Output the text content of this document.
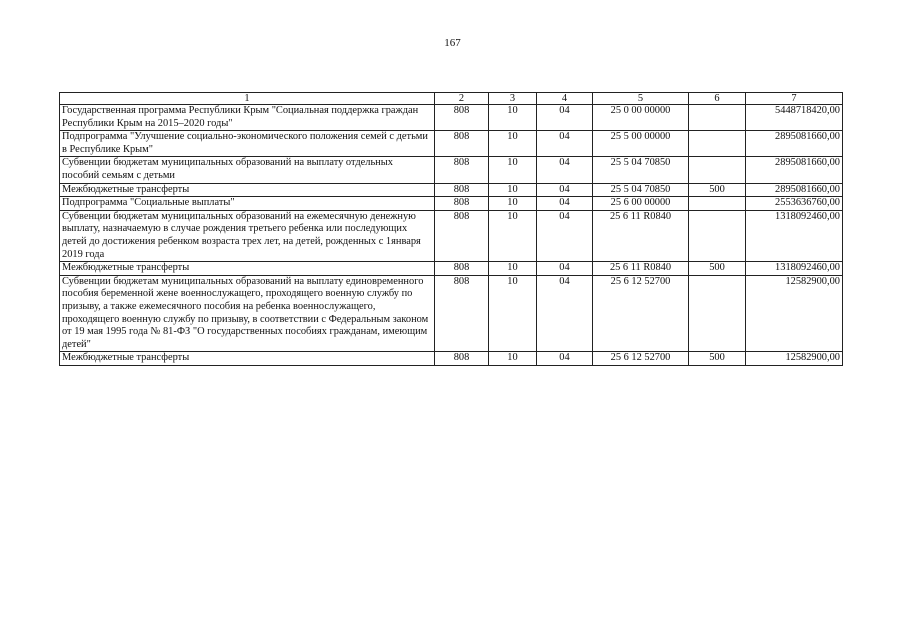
167
1	2	3	4	5	6	7
Государственная программа Республики Крым "Социальная поддержка граждан Республики Крым на 2015–2020 годы"	808	10	04	25 0 00 00000		5448718420,00
Подпрограмма "Улучшение социально-экономического положения семей с детьми в Республике Крым"	808	10	04	25 5 00 00000		2895081660,00
Субвенции бюджетам муниципальных образований на выплату отдельных пособий семьям с детьми	808	10	04	25 5 04 70850		2895081660,00
Межбюджетные трансферты	808	10	04	25 5 04 70850	500	2895081660,00
Подпрограмма "Социальные выплаты"	808	10	04	25 6 00 00000		2553636760,00
Субвенции бюджетам муниципальных образований на ежемесячную денежную выплату, назначаемую в случае рождения третьего ребенка или последующих детей до достижения ребенком возраста трех лет, на детей, рожденных с 1января 2019 года	808	10	04	25 6 11 R0840		1318092460,00
Межбюджетные трансферты	808	10	04	25 6 11 R0840	500	1318092460,00
Субвенции бюджетам муниципальных образований на выплату единовременного пособия беременной жене военнослужащего, проходящего военную службу по призыву, а также ежемесячного пособия на ребенка военнослужащего, проходящего военную службу по призыву, в соответствии с Федеральным законом от 19 мая 1995 года № 81-ФЗ "О государственных пособиях гражданам, имеющим детей"	808	10	04	25 6 12 52700		12582900,00
Межбюджетные трансферты	808	10	04	25 6 12 52700	500	12582900,00
